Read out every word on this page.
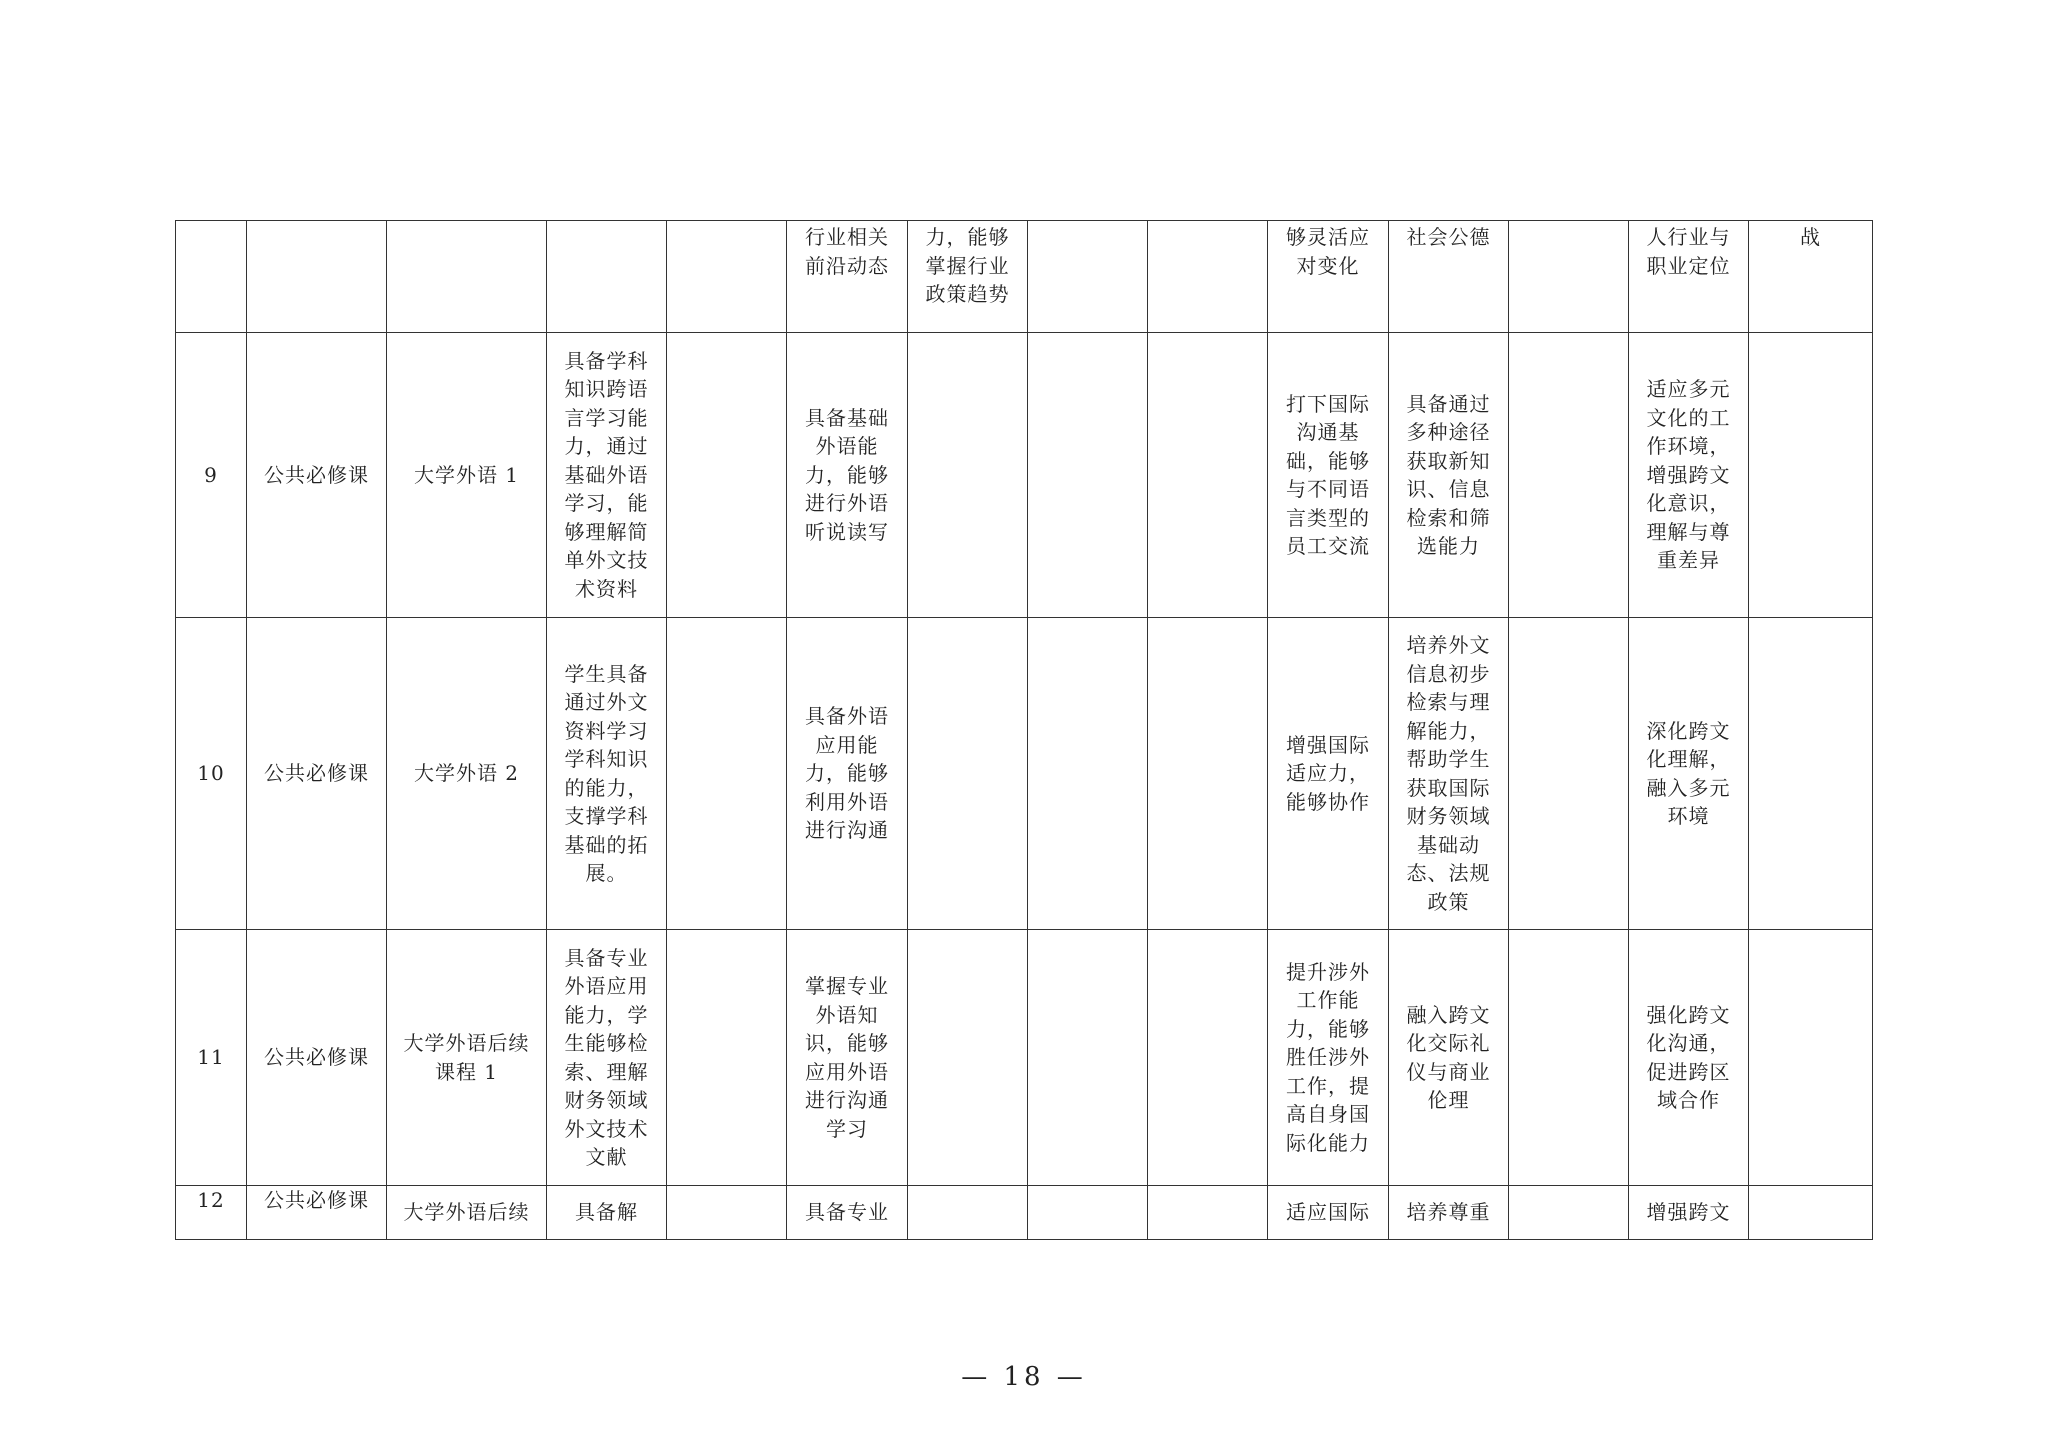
					行业相关前沿动态	力，能够掌握行业政策趋势			够灵活应对变化	社会公德		人行业与职业定位	战
9	公共必修课	大学外语 1	具备学科知识跨语言学习能力，通过基础外语学习，能够理解简单外文技术资料		具备基础外语能力，能够进行外语听说读写				打下国际沟通基础，能够与不同语言类型的员工交流	具备通过多种途径获取新知识、信息检索和筛选能力		适应多元文化的工作环境，增强跨文化意识，理解与尊重差异	
10	公共必修课	大学外语 2	学生具备通过外文资料学习学科知识的能力，支撑学科基础的拓展。		具备外语应用能力，能够利用外语进行沟通				增强国际适应力，能够协作	培养外文信息初步检索与理解能力，帮助学生获取国际财务领域基础动态、法规政策		深化跨文化理解，融入多元环境	
11	公共必修课	大学外语后续课程 1	具备专业外语应用能力，学生能够检索、理解财务领域外文技术文献		掌握专业外语知识，能够应用外语进行沟通学习				提升涉外工作能力，能够胜任涉外工作，提高自身国际化能力	融入跨文化交际礼仪与商业伦理		强化跨文化沟通，促进跨区域合作	
12	公共必修课	大学外语后续	具备解		具备专业				适应国际	培养尊重		增强跨文	
— 18 —
